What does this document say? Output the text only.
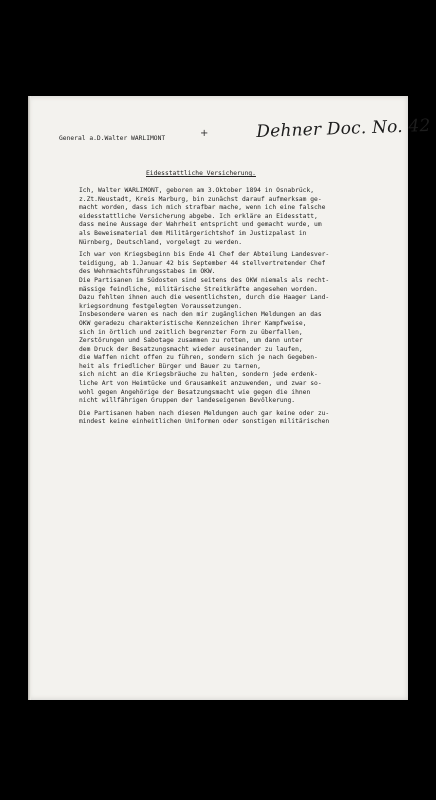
General a.D.Walter WARLIMONT	+	Dehner Doc. No. 42
Eidesstattliche Versicherung.
Ich, Walter WARLIMONT, geboren am 3.Oktober 1894 in Osnabrück,
z.Zt.Neustadt, Kreis Marburg, bin zunächst darauf aufmerksam ge-
macht worden, dass ich mich strafbar mache, wenn ich eine falsche
eidesstattliche Versicherung abgebe. Ich erkläre an Eidesstatt,
dass meine Aussage der Wahrheit entspricht und gemacht wurde, um
als Beweismaterial dem Militärgerichtshof im Justizpalast in
Nürnberg, Deutschland, vorgelegt zu werden.
Ich war von Kriegsbeginn bis Ende 41 Chef der Abteilung Landesver-
teidigung, ab 1.Januar 42 bis September 44 stellvertretender Chef
des Wehrmachtsführungsstabes im OKW.
Die Partisanen im Südosten sind seitens des OKW niemals als recht-
mässige feindliche, militärische Streitkräfte angesehen worden.
Dazu fehlten ihnen auch die wesentlichsten, durch die Haager Land-
kriegsordnung festgelegten Voraussetzungen.
Insbesondere waren es nach den mir zugänglichen Meldungen an das
OKW geradezu charakteristische Kennzeichen ihrer Kampfweise,
sich in örtlich und zeitlich begrenzter Form zu überfallen,
Zerstörungen und Sabotage zusammen zu rotten, um dann unter
dem Druck der Besatzungsmacht wieder auseinander zu laufen,
die Waffen nicht offen zu führen, sondern sich je nach Gegeben-
heit als friedlicher Bürger und Bauer zu tarnen,
sich nicht an die Kriegsbräuche zu halten, sondern jede erdenk-
liche Art von Heimtücke und Grausamkeit anzuwenden, und zwar so-
wohl gegen Angehörige der Besatzungsmacht wie gegen die ihnen
nicht willfährigen Gruppen der landeseigenen Bevölkerung.
Die Partisanen haben nach diesen Meldungen auch gar keine oder zu-
mindest keine einheitlichen Uniformen oder sonstigen militärischen
